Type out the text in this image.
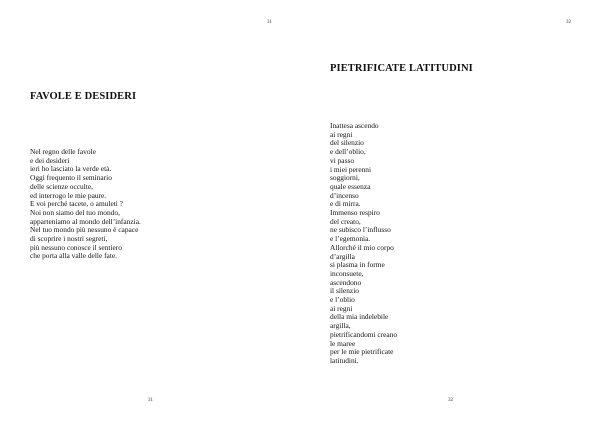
31
FAVOLE E DESIDERI
Nel regno delle favole
e dei desideri
ieri ho lasciato la verde età.
Oggi frequento il seminario
delle scienze occulte,
ed interrogo le mie paure.
E voi perché tacete, o amuleti ?
Noi non siamo del tuo mondo,
apparteniamo al mondo dell’infanzia.
Nel tuo mondo più nessuno è capace
di scoprire i nostri segreti,
più nessuno conosce il sentiero
che porta alla valle delle fate.
31
32
PIETRIFICATE LATITUDINI
Inattesa ascendo
ai regni
del silenzio
e dell’oblio,
vi passo
i miei perenni
soggiorni,
quale essenza
d’incenso
e di mirra.
Immenso respiro
del creato,
ne subisco l’influsso
e l’egemonia.
Allorché il mio corpo
d’argilla
si plasma in forme
inconsuete,
ascendono
il silenzio
e l’oblio
ai regni
della mia indelebile
argilla,
pietrificandomi creano
le maree
per le mie pietrificate
latitudini.
32
